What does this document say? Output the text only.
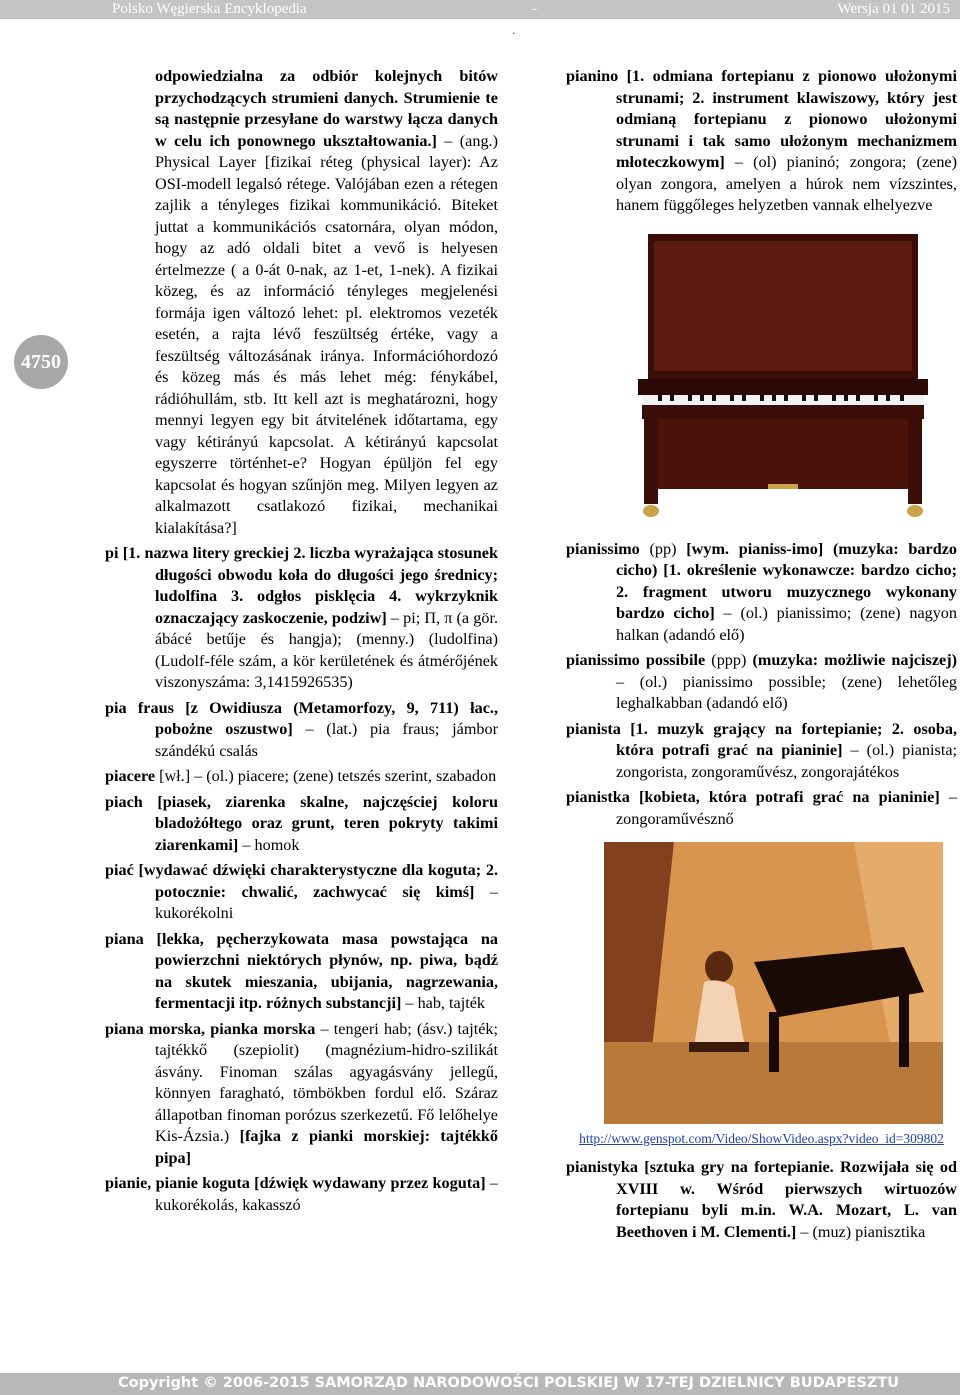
Polsko Węgierska Encyklopedia	-	Wersja 01 01 2015
.
4750

odpowiedzialna za odbiór kolejnych bitów przychodzących strumieni danych. Strumienie te są następnie przesyłane do warstwy łącza danych w celu ich ponownego ukształtowania.] – (ang.) Physical Layer [fizikai réteg (physical layer): Az OSI-modell legalsó rétege. Valójában ezen a rétegen zajlik a tényleges fizikai kommunikáció. Biteket juttat a kommunikációs csatornára, olyan módon, hogy az adó oldali bitet a vevő is helyesen értelmezze ( a 0-át 0-nak, az 1-et, 1-nek). A fizikai közeg, és az információ tényleges megjelenési formája igen változó lehet: pl. elektromos vezeték esetén, a rajta lévő feszültség értéke, vagy a feszültség változásának iránya. Információhordozó és közeg más és más lehet még: fénykábel, rádióhullám, stb. Itt kell azt is meghatározni, hogy mennyi legyen egy bit átvitelének időtartama, egy vagy kétirányú kapcsolat. A kétirányú kapcsolat egyszerre történhet-e? Hogyan épüljön fel egy kapcsolat és hogyan szűnjön meg. Milyen legyen az alkalmazott csatlakozó fizikai, mechanikai kialakítása?]

pi [1. nazwa litery greckiej 2. liczba wyrażająca stosunek długości obwodu koła do długości jego średnicy; ludolfina 3. odgłos pisklęcia 4. wykrzyknik oznaczający zaskoczenie, podziw] – pi; Π, π (a gör. ábácé betűje és hangja); (menny.) (ludolfina) (Ludolf-féle szám, a kör kerületének és átmérőjének viszonyszáma: 3,1415926535)

pia fraus [z Owidiusza (Metamorfozy, 9, 711) łac., pobożne oszustwo] – (lat.) pia fraus; jámbor szándékú csalás

piacere [wł.] – (ol.) piacere; (zene) tetszés szerint, szabadon

piach [piasek, ziarenka skalne, najczęściej koloru bladożółtego oraz grunt, teren pokryty takimi ziarenkami] – homok

piać [wydawać dźwięki charakterystyczne dla koguta; 2. potocznie: chwalić, zachwycać się kimś] – kukorékolni

piana [lekka, pęcherzykowata masa powstająca na powierzchni niektórych płynów, np. piwa, bądź na skutek mieszania, ubijania, nagrzewania, fermentacji itp. różnych substancji] – hab, tajték

piana morska, pianka morska – tengeri hab; (ásv.) tajték; tajtékkő (szepiolit) (magnézium-hidro-szilikát ásvány. Finoman szálas agyagásvány jellegű, könnyen faragható, tömbökben fordul elő. Száraz állapotban finoman porózus szerkezetű. Fő lelőhelye Kis-Ázsia.) [fajka z pianki morskiej: tajtékkő pipa]

pianie, pianie koguta [dźwięk wydawany przez koguta] – kukorékolás, kakasszó

pianino [1. odmiana fortepianu z pionowo ułożonymi strunami; 2. instrument klawiszowy, który jest odmianą fortepianu z pionowo ułożonymi strunami i tak samo ułożonym mechanizmem młoteczkowym] – (ol) pianinó; zongora; (zene) olyan zongora, amelyen a húrok nem vízszintes, hanem függőleges helyzetben vannak elhelyezve

pianissimo (pp) [wym. pianiss-imo] (muzyka: bardzo cicho) [1. określenie wykonawcze: bardzo cicho; 2. fragment utworu muzycznego wykonany bardzo cicho] – (ol.) pianissimo; (zene) nagyon halkan (adandó elő)

pianissimo possibile (ppp) (muzyka: możliwie najciszej) – (ol.) pianissimo possible; (zene) lehetőleg leghalkabban (adandó elő)

pianista [1. muzyk grający na fortepianie; 2. osoba, która potrafi grać na pianinie] – (ol.) pianista; zongorista, zongoraművész, zongorajátékos

pianistka [kobieta, która potrafi grać na pianinie] – zongoraművésznő

http://www.genspot.com/Video/ShowVideo.aspx?video_id=309802

pianistyka [sztuka gry na fortepianie. Rozwijała się od XVIII w. Wśród pierwszych wirtuozów fortepianu byli m.in. W.A. Mozart, L. van Beethoven i M. Clementi.] – (muz) pianisztika

Copyright © 2006-2015 SAMORZĄD NARODOWOŚCI POLSKIEJ W 17-TEJ DZIELNICY BUDAPESZTU
